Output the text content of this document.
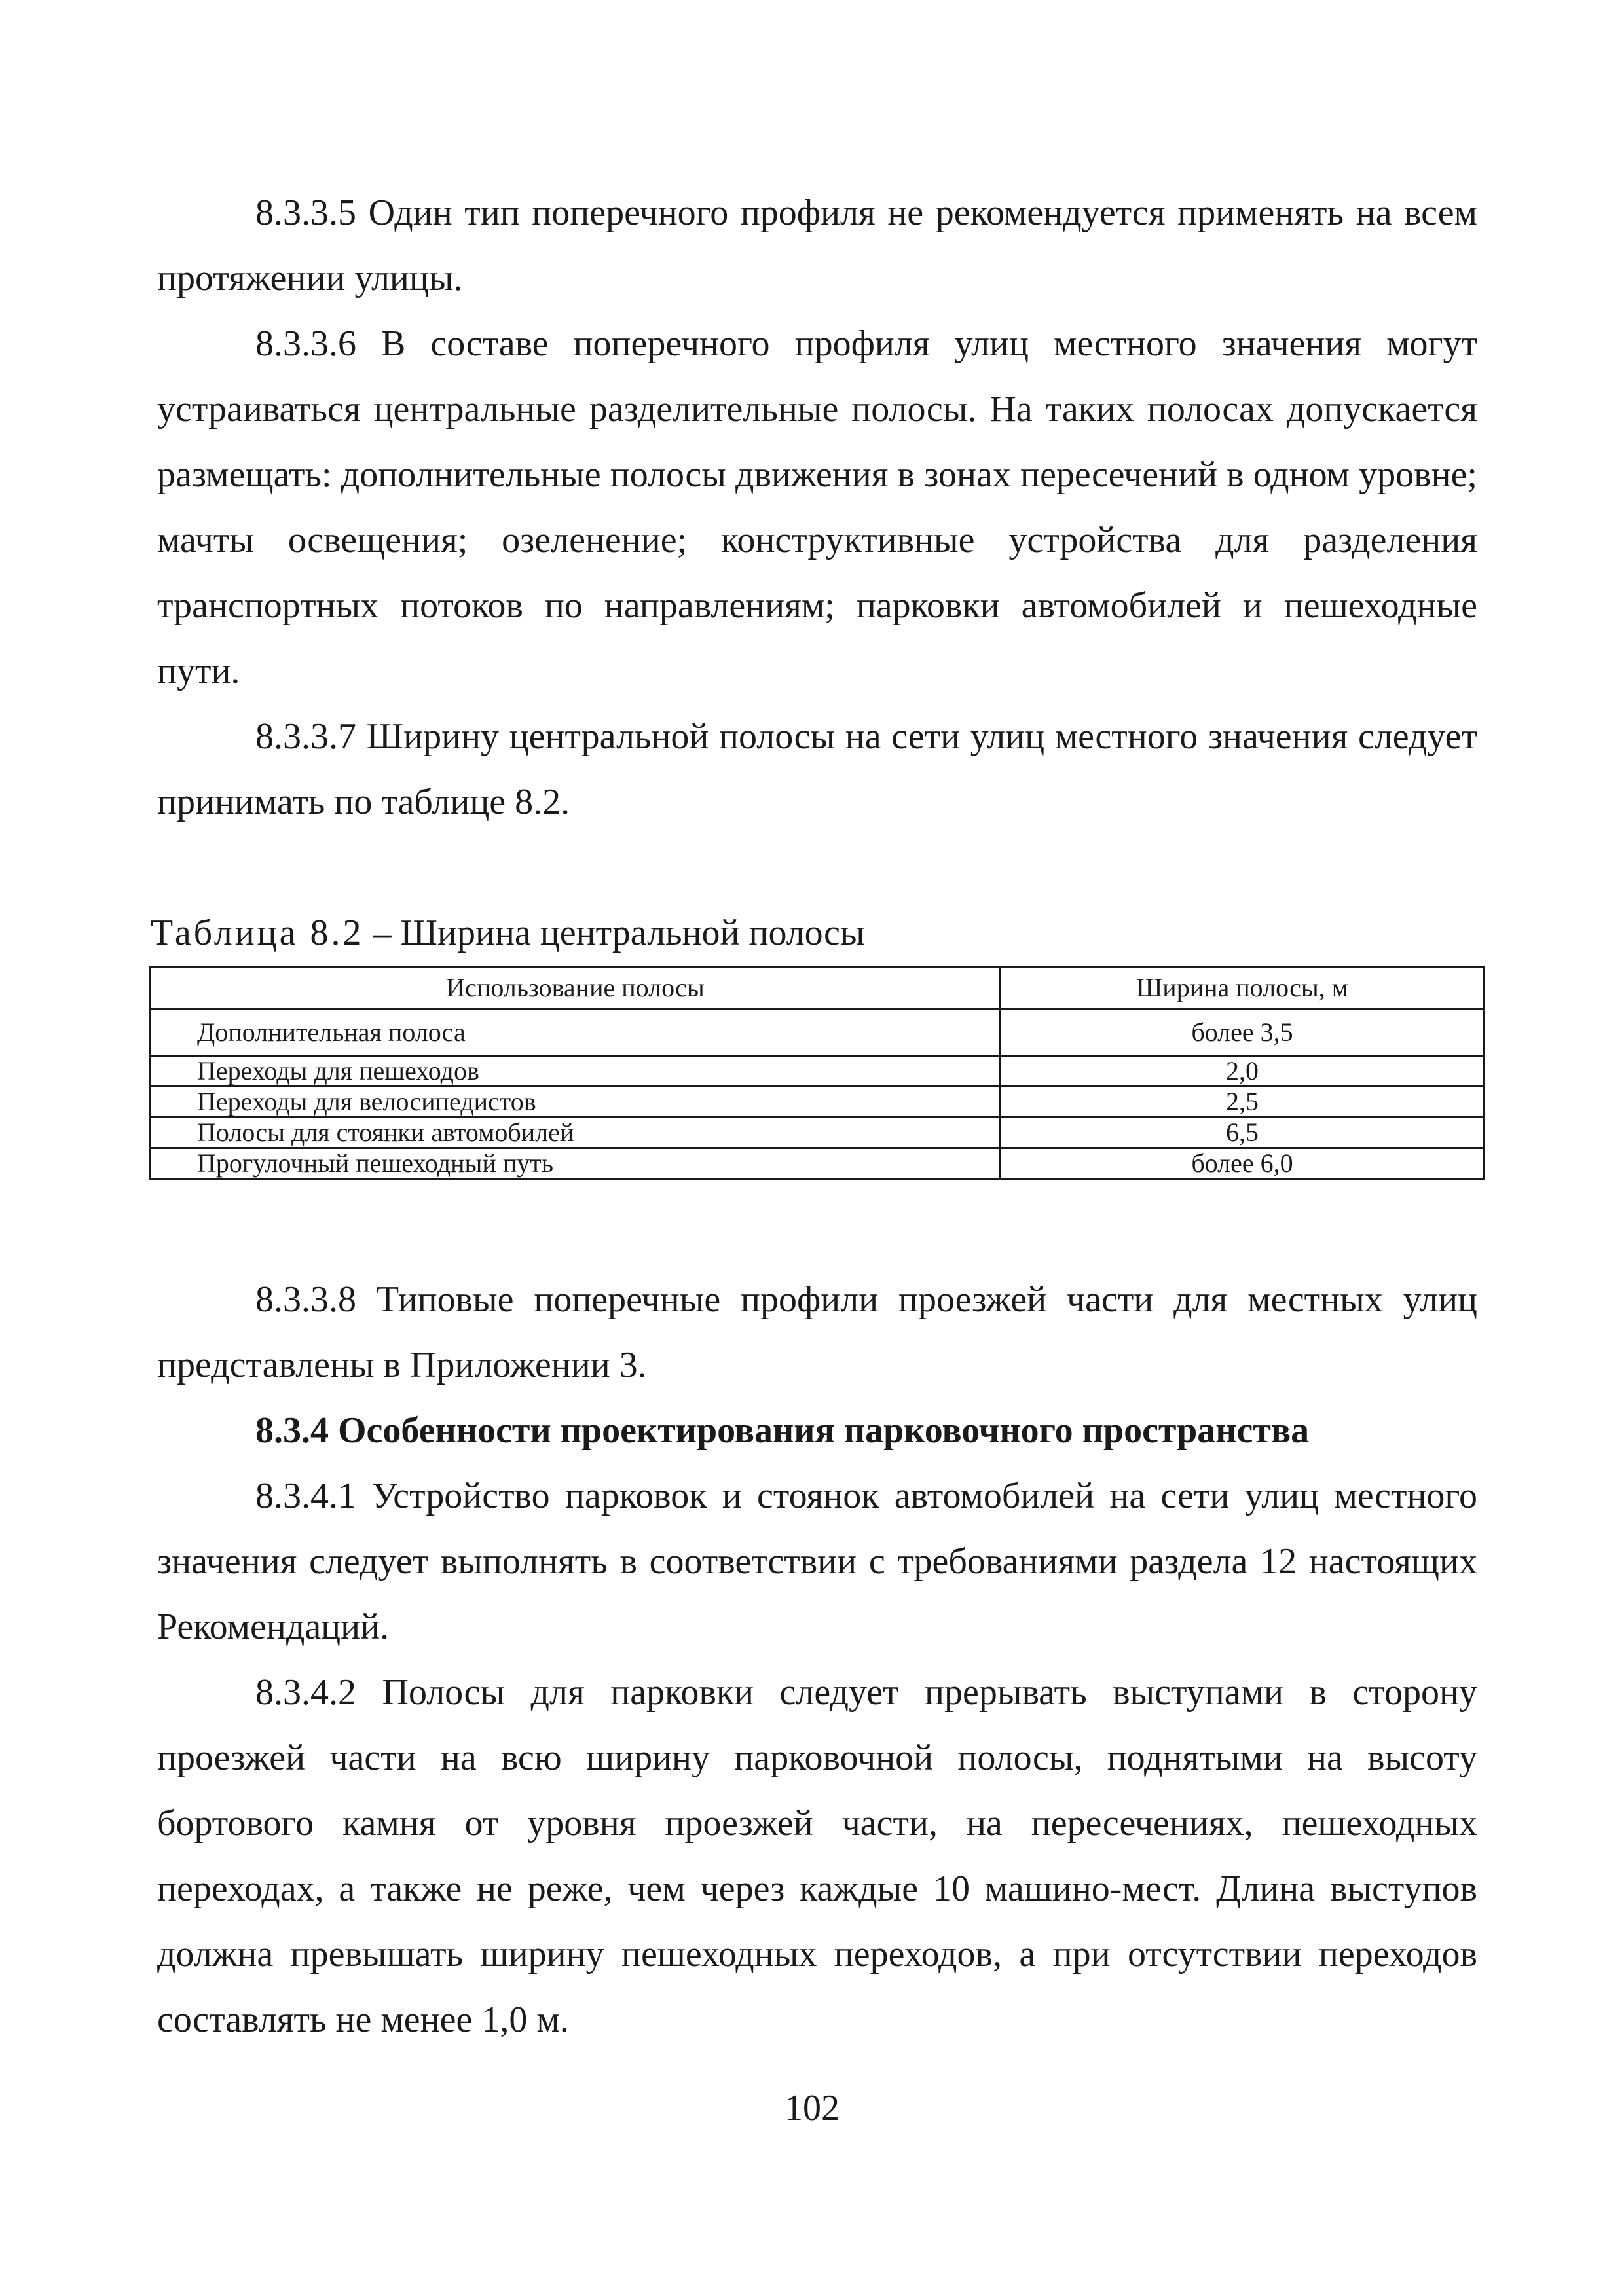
8.3.3.5 Один тип поперечного профиля не рекомендуется применять на всем протяжении улицы.

8.3.3.6 В составе поперечного профиля улиц местного значения могут устраиваться центральные разделительные полосы. На таких полосах допускается размещать: дополнительные полосы движения в зонах пересечений в одном уровне; мачты освещения; озеленение; конструктивные устройства для разделения транспортных потоков по направлениям; парковки автомобилей и пешеходные пути.

8.3.3.7 Ширину центральной полосы на сети улиц местного значения следует принимать по таблице 8.2.

Таблица 8.2 – Ширина центральной полосы

Использование полосы	Ширина полосы, м
Дополнительная полоса	более 3,5
Переходы для пешеходов	2,0
Переходы для велосипедистов	2,5
Полосы для стоянки автомобилей	6,5
Прогулочный пешеходный путь	более 6,0

8.3.3.8 Типовые поперечные профили проезжей части для местных улиц представлены в Приложении 3.

8.3.4 Особенности проектирования парковочного пространства

8.3.4.1 Устройство парковок и стоянок автомобилей на сети улиц местного значения следует выполнять в соответствии с требованиями раздела 12 настоящих Рекомендаций.

8.3.4.2 Полосы для парковки следует прерывать выступами в сторону проезжей части на всю ширину парковочной полосы, поднятыми на высоту бортового камня от уровня проезжей части, на пересечениях, пешеходных переходах, а также не реже, чем через каждые 10 машино-мест. Длина выступов должна превышать ширину пешеходных переходов, а при отсутствии переходов составлять не менее 1,0 м.

102
